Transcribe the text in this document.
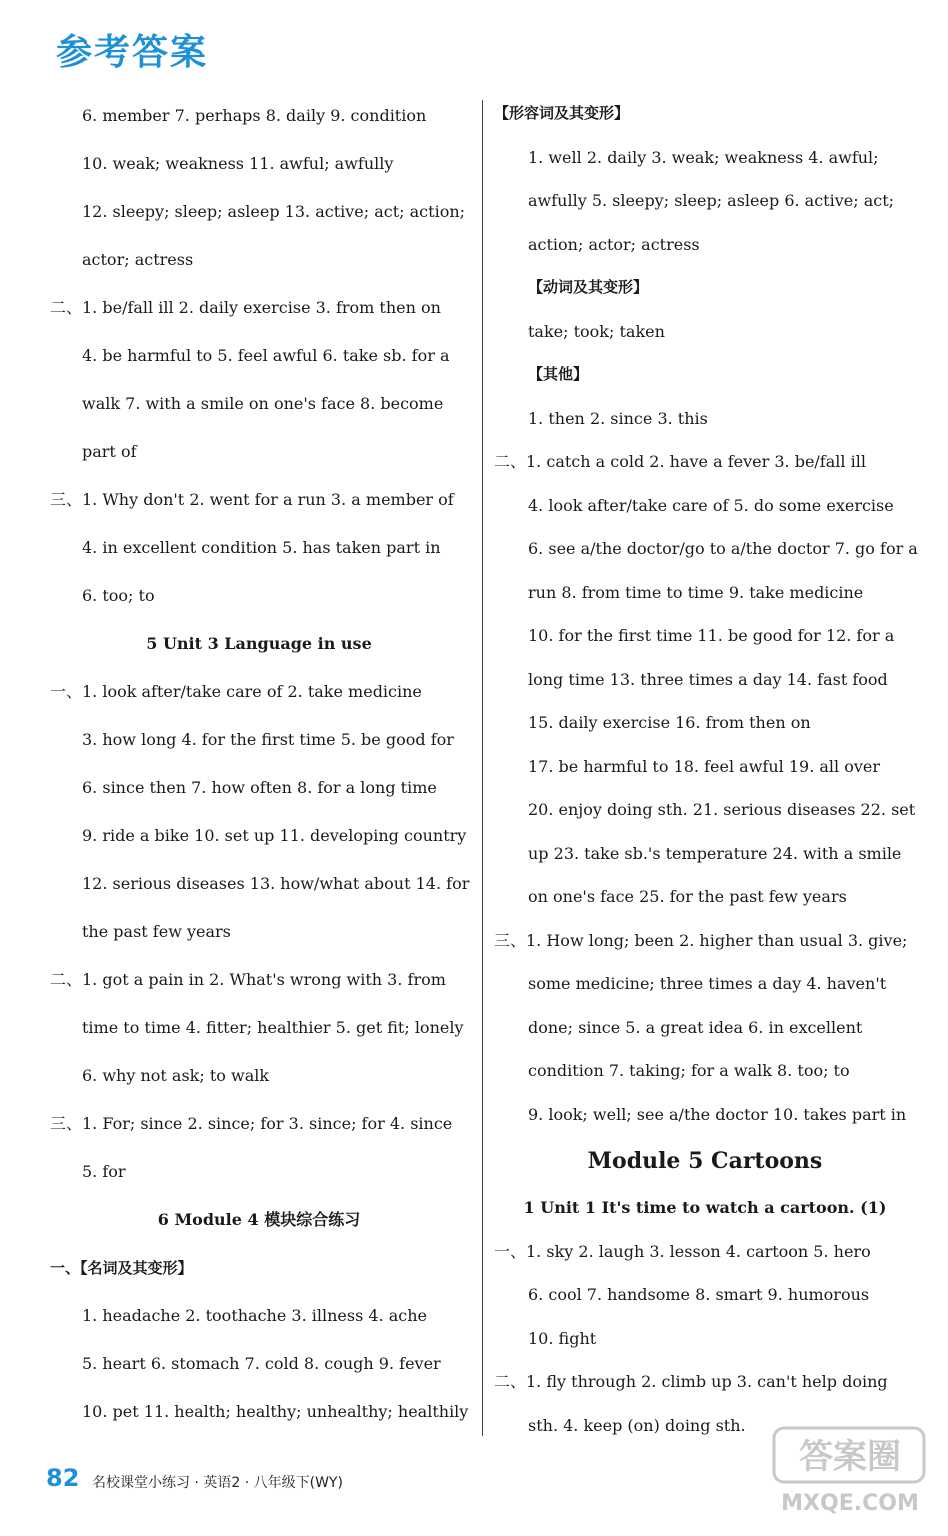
参考答案
6. member 7. perhaps 8. daily 9. condition
10. weak; weakness 11. awful; awfully
12. sleepy; sleep; asleep 13. active; act; action;
actor; actress
二、1. be/fall ill 2. daily exercise 3. from then on
4. be harmful to 5. feel awful 6. take sb. for a
walk 7. with a smile on one's face 8. become
part of
三、1. Why don't 2. went for a run 3. a member of
4. in excellent condition 5. has taken part in
6. too; to
5 Unit 3 Language in use
一、1. look after/take care of 2. take medicine
3. how long 4. for the first time 5. be good for
6. since then 7. how often 8. for a long time
9. ride a bike 10. set up 11. developing country
12. serious diseases 13. how/what about 14. for
the past few years
二、1. got a pain in 2. What's wrong with 3. from
time to time 4. fitter; healthier 5. get fit; lonely
6. why not ask; to walk
三、1. For; since 2. since; for 3. since; for 4. since
5. for
6 Module 4 模块综合练习
一、【名词及其变形】
1. headache 2. toothache 3. illness 4. ache
5. heart 6. stomach 7. cold 8. cough 9. fever
10. pet 11. health; healthy; unhealthy; healthily
【形容词及其变形】
1. well 2. daily 3. weak; weakness 4. awful;
awfully 5. sleepy; sleep; asleep 6. active; act;
action; actor; actress
【动词及其变形】
take; took; taken
【其他】
1. then 2. since 3. this
二、1. catch a cold 2. have a fever 3. be/fall ill
4. look after/take care of 5. do some exercise
6. see a/the doctor/go to a/the doctor 7. go for a
run 8. from time to time 9. take medicine
10. for the first time 11. be good for 12. for a
long time 13. three times a day 14. fast food
15. daily exercise 16. from then on
17. be harmful to 18. feel awful 19. all over
20. enjoy doing sth. 21. serious diseases 22. set
up 23. take sb.'s temperature 24. with a smile
on one's face 25. for the past few years
三、1. How long; been 2. higher than usual 3. give;
some medicine; three times a day 4. haven't
done; since 5. a great idea 6. in excellent
condition 7. taking; for a walk 8. too; to
9. look; well; see a/the doctor 10. takes part in
Module 5 Cartoons
1 Unit 1 It's time to watch a cartoon. (1)
一、1. sky 2. laugh 3. lesson 4. cartoon 5. hero
6. cool 7. handsome 8. smart 9. humorous
10. fight
二、1. fly through 2. climb up 3. can't help doing
sth. 4. keep (on) doing sth.
82 名校课堂小练习 · 英语2 · 八年级下(WY)
答案圈
MXQE.COM
